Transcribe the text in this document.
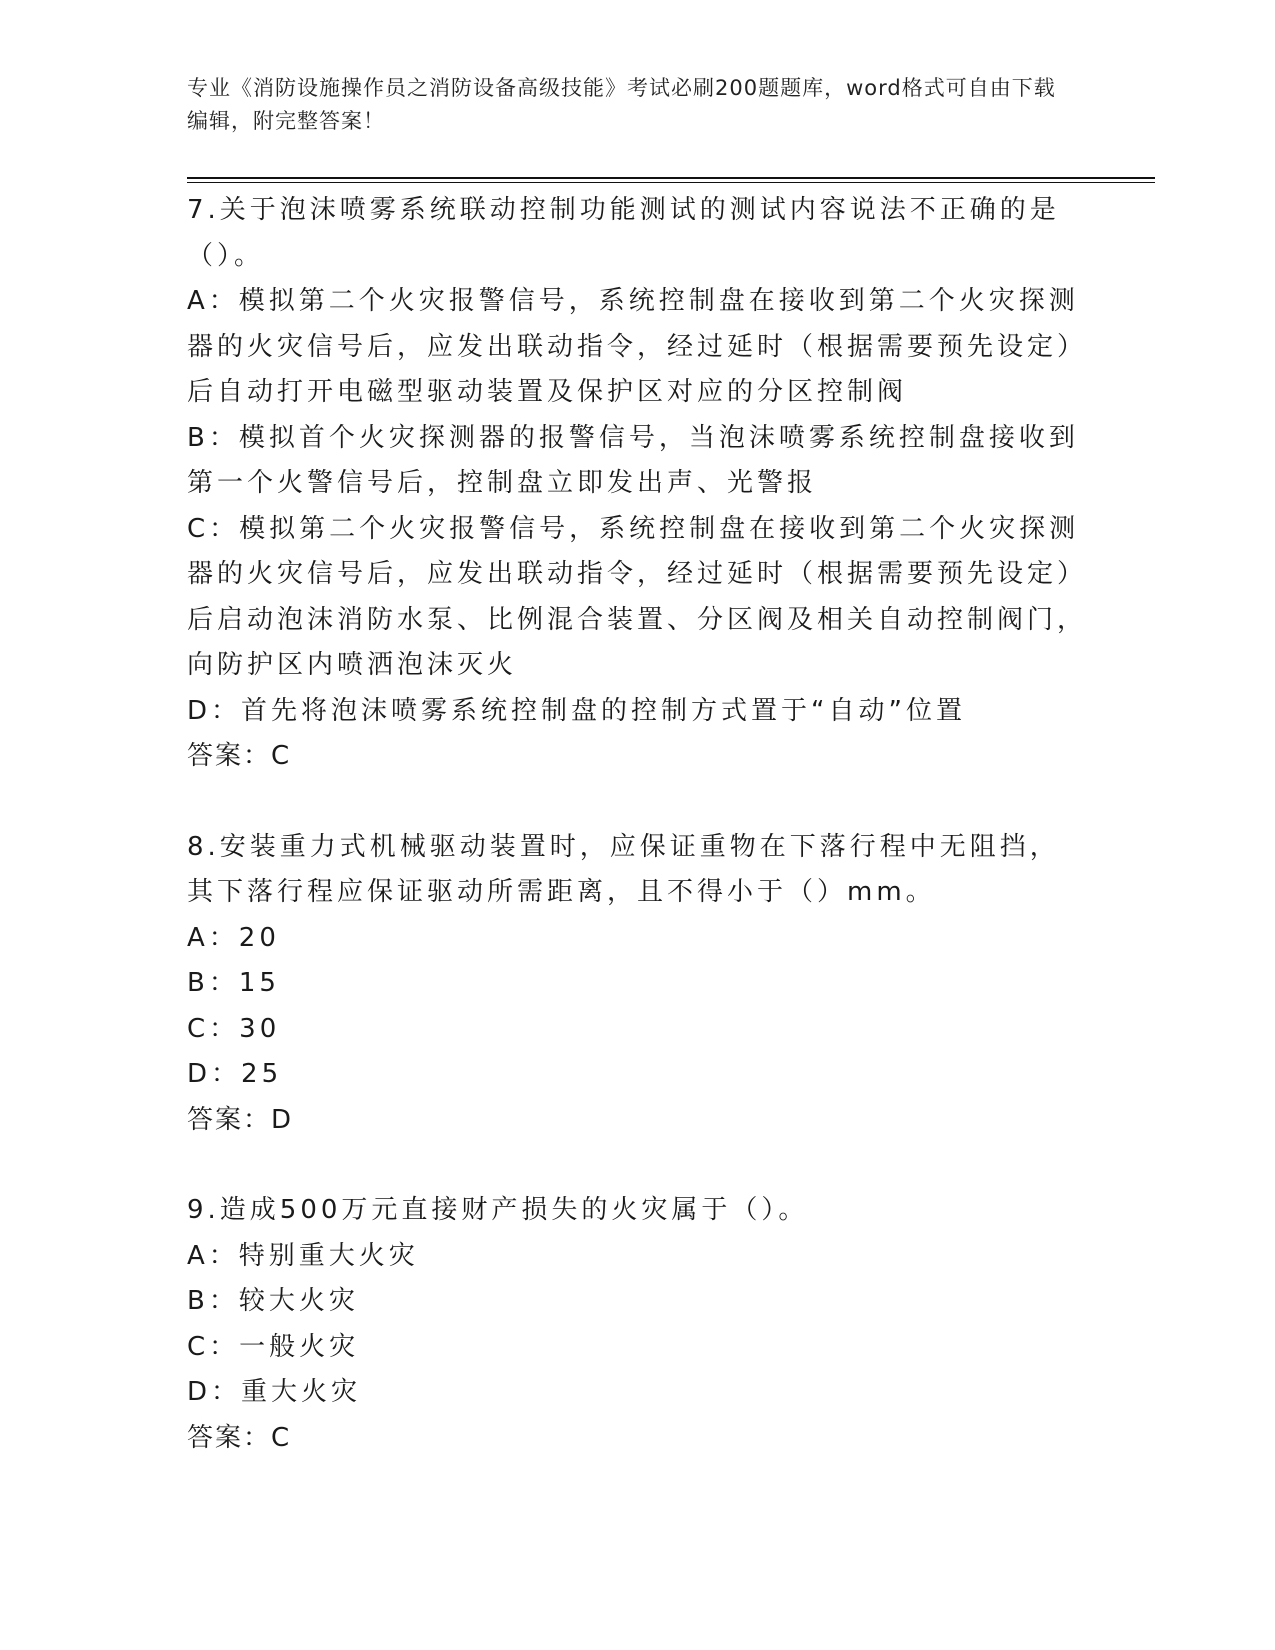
专业《消防设施操作员之消防设备高级技能》考试必刷200题题库，word格式可自由下载编辑，附完整答案！

7.关于泡沫喷雾系统联动控制功能测试的测试内容说法不正确的是（）。

A：模拟第二个火灾报警信号，系统控制盘在接收到第二个火灾探测器的火灾信号后，应发出联动指令，经过延时（根据需要预先设定）后自动打开电磁型驱动装置及保护区对应的分区控制阀

B：模拟首个火灾探测器的报警信号，当泡沫喷雾系统控制盘接收到第一个火警信号后，控制盘立即发出声、光警报

C：模拟第二个火灾报警信号，系统控制盘在接收到第二个火灾探测器的火灾信号后，应发出联动指令，经过延时（根据需要预先设定）后启动泡沫消防水泵、比例混合装置、分区阀及相关自动控制阀门，向防护区内喷洒泡沫灭火

D：首先将泡沫喷雾系统控制盘的控制方式置于“自动”位置

答案：C

8.安装重力式机械驱动装置时，应保证重物在下落行程中无阻挡，其下落行程应保证驱动所需距离，且不得小于（）mm。

A：20

B：15

C：30

D：25

答案：D

9.造成500万元直接财产损失的火灾属于（）。

A：特别重大火灾

B：较大火灾

C：一般火灾

D：重大火灾

答案：C
